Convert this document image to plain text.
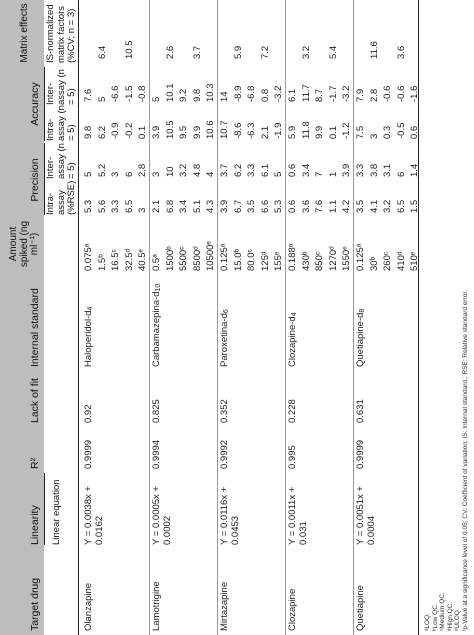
Target drug
Linearity
R²
Lack of fit
Internal standard
Amount spiked (ng ml⁻¹)
Precision
Accuracy
Matrix effects
Linear equation
Intra-assay (%RSE)
Inter-assay (n = 5)
Intra-assay (n = 5)
Inter-assay (n = 5)
IS-normalized matrix factors (%CV; n = 3)
Olanzapine
Y = 0.0038x + 0.0162
0.9999
0.92
Haloperidol-d4
0.075ᵃ
5.3
5
9.8
7.6
1.5ᵇ
5.6
5.2
6.2
5
6.4
16.5ᶜ
3.3
3
-0.9
-6.6
32.5ᵈ
6.5
6
-0.2
-1.5
10.5
40.5ᵉ
3
2.8
0.1
-0.8
Lamotrigine
Y = 0.0005x + 0.0002
0.9994
0.825
Carbamazepina-d10
0.5ᵃ
2.1
3
3.9
5
1500ᵇ
6.8
10
10.5
10.1
2.6
5500ᶜ
3.4
3.2
9.5
9.2
8500ᵈ
5.1
4.8
9.9
9.8
3.7
10500ᵉ
4.3
4
10.6
10.3
Mirtazapine
Y = 0.0116x + 0.0453
0.9992
0.352
Paroxetina-d6
0.125ᵃ
3.9
3.7
10.7
14
15.0ᵇ
6.7
6.2
-8.6
-8.9
5.9
80.0ᶜ
3.5
3.3
-6.3
-6.8
125ᵈ
6.6
6.1
2.1
0.8
7.2
155ᵉ
5.3
5
-1.9
-3.2
Clozapine
Y = 0.0011x + 0.031
0.995
0.228
Clozapine-d4
0.188ᵃ
0.6
0.6
5.9
6.1
430ᵇ
3.6
3.4
11.8
11.7
3.2
850ᶜ
7.6
7
9.9
8.7
1270ᵈ
1.1
1
0.1
-1.7
5.4
1550ᵉ
4.2
3.9
-1.2
-3.2
Quetiapine
Y = 0.0051x + 0.0004
0.9999
0.631
Quetiapine-d8
0.125ᵃ
3.5
3.3
7.5
7.9
30ᵇ
4.1
3.8
3
2.8
11.6
260ᶜ
3.2
3.1
0.3
-0.6
410ᵈ
6.5
6
-0.5
-0.6
3.6
510ᵉ
1.5
1.4
0.6
-1.6
ᵃLOQ. ᵇLow QC. ᶜMedium QC. ᵈHigh QC. ᵉULOQ. ᶠp-Value at a significance level of 0.05; CV: Coefficient of variation; IS: Internal standard.; RSE: Relative standard error.
